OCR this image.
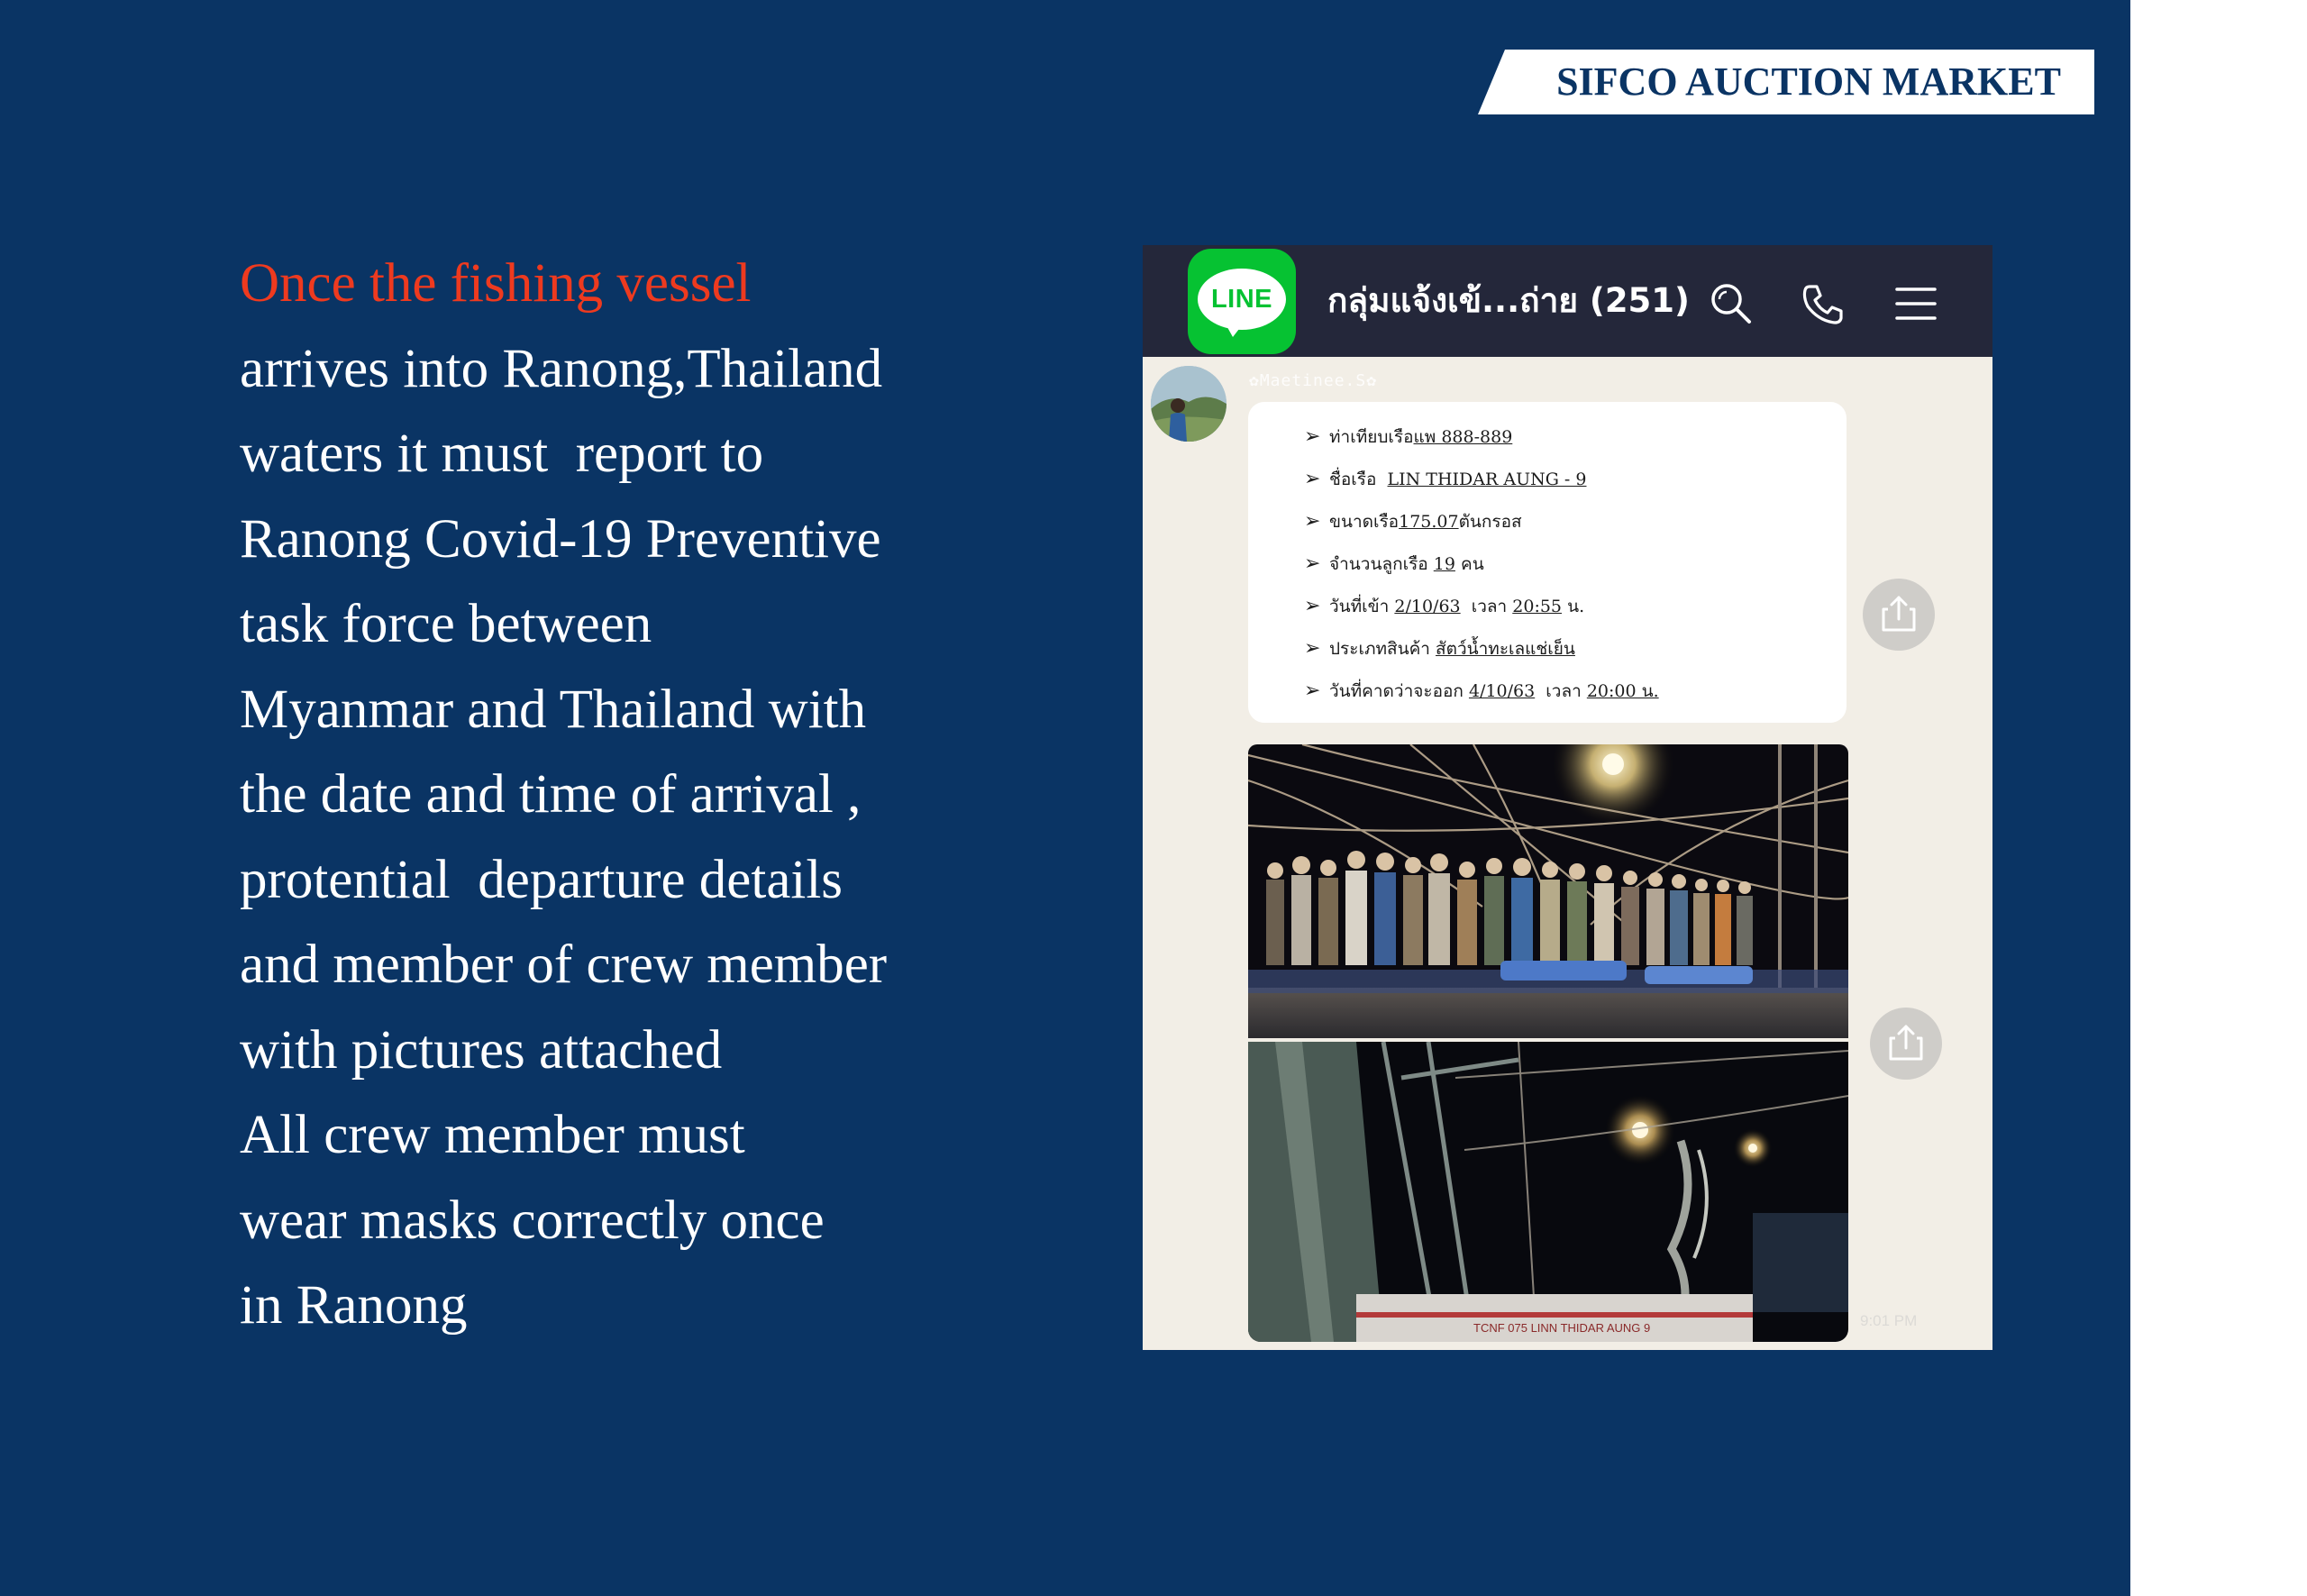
SIFCO AUCTION MARKET
Once the fishing vessel
arrives into Ranong,Thailand
waters it must  report to
Ranong Covid-19 Preventive
task force between
Myanmar and Thailand with
the date and time of arrival ,
protential  departure details
and member of crew member
with pictures attached
All crew member must
wear masks correctly once
in Ranong
LINE	กลุ่มแจ้งเข้...ถ่าย (251)
✿Maetinee.S✿
➢ ท่าเทียบเรือแพ 888-889
➢ ชื่อเรือ LIN THIDAR AUNG - 9
➢ ขนาดเรือ175.07ตันกรอส
➢ จำนวนลูกเรือ 19 คน
➢ วันที่เข้า 2/10/63 เวลา 20:55 น.
➢ ประเภทสินค้า สัตว์น้ำทะเลแช่เย็น
➢ วันที่คาดว่าจะออก 4/10/63 เวลา 20:00 น.
TCNF 075 LINN THIDAR AUNG 9	9:01 PM
